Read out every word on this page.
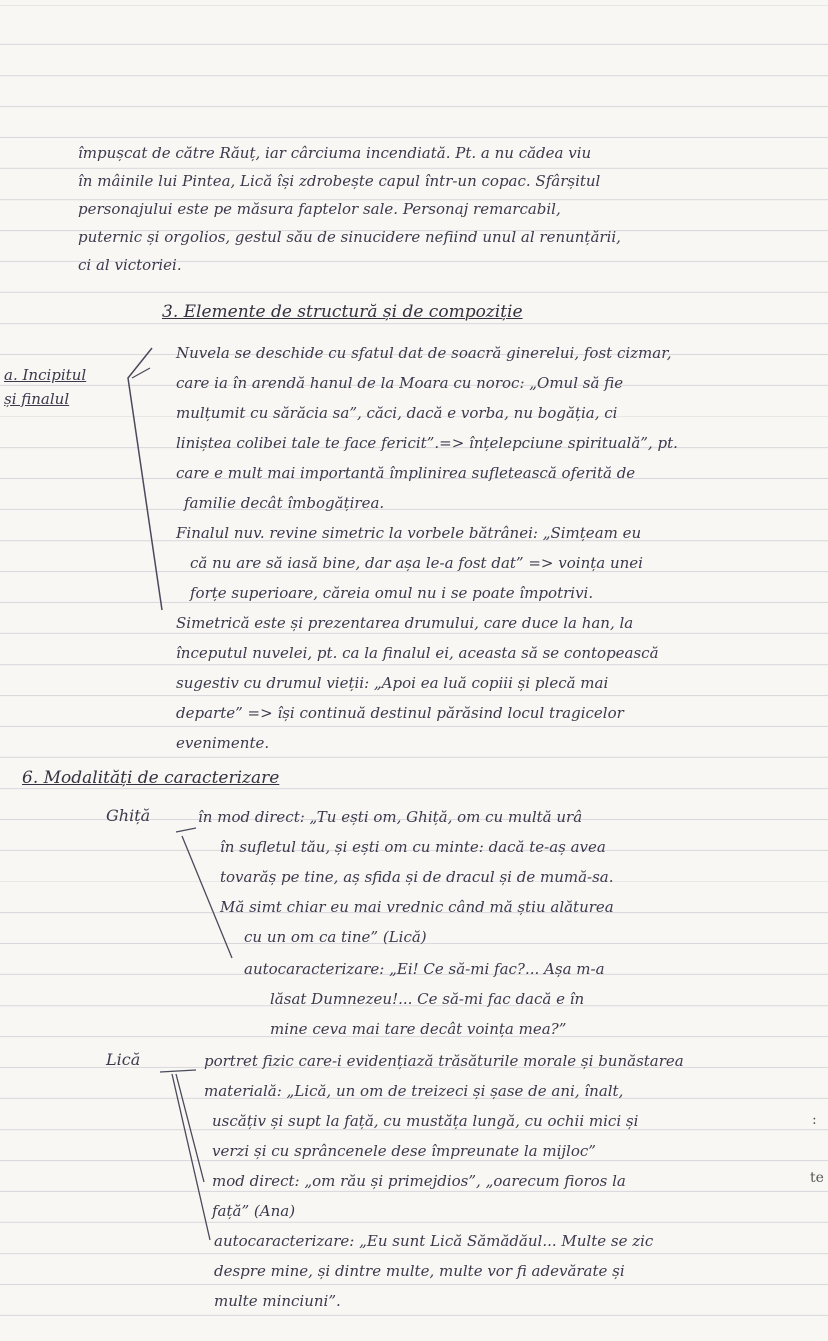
împușcat de către Răuț, iar cârciuma incendiată. Pt. a nu cădea viu
în mâinile lui Pintea, Lică își zdrobește capul într-un copac. Sfârșitul
personajului este pe măsura faptelor sale. Personaj remarcabil,
puternic și orgolios, gestul său de sinucidere nefiind unul al renunțării,
ci al victoriei.
3. Elemente de structură și de compoziție
a. Incipitul
și finalul
Nuvela se deschide cu sfatul dat de soacră ginerelui, fost cizmar,
care ia în arendă hanul de la Moara cu noroc: „Omul să fie
mulțumit cu sărăcia sa”, căci, dacă e vorba, nu bogăția, ci
liniștea colibei tale te face fericit”.=> înțelepciune spirituală”, pt.
care e mult mai importantă împlinirea sufletească oferită de
familie decât îmbogățirea.
Finalul nuv. revine simetric la vorbele bătrânei: „Simțeam eu
că nu are să iasă bine, dar așa le-a fost dat” => voința unei
forțe superioare, căreia omul nu i se poate împotrivi.
Simetrică este și prezentarea drumului, care duce la han, la
începutul nuvelei, pt. ca la finalul ei, aceasta să se contopească
sugestiv cu drumul vieții: „Apoi ea luă copiii și plecă mai
departe” => își continuă destinul părăsind locul tragicelor
evenimente.
6. Modalități de caracterizare
Ghiță	în mod direct: „Tu ești om, Ghiță, om cu multă urâ
în sufletul tău, și ești om cu minte: dacă te-aș avea
tovarăș pe tine, aș sfida și de dracul și de mumă-sa.
Mă simt chiar eu mai vrednic când mă știu alăturea
cu un om ca tine” (Lică)
autocaracterizare: „Ei! Ce să-mi fac?... Așa m-a
lăsat Dumnezeu!... Ce să-mi fac dacă e în
mine ceva mai tare decât voința mea?”
Lică	portret fizic care-i evidențiază trăsăturile morale și bunăstarea
materială: „Lică, un om de treizeci și șase de ani, înalt,
uscățiv și supt la față, cu mustăța lungă, cu ochii mici și
verzi și cu sprâncenele dese împreunate la mijloc”
mod direct: „om rău și primejdios”, „oarecum fioros la
față” (Ana)
autocaracterizare: „Eu sunt Lică Sămădăul... Multe se zic
despre mine, și dintre multe, multe vor fi adevărate și
multe minciuni”.
:
te
